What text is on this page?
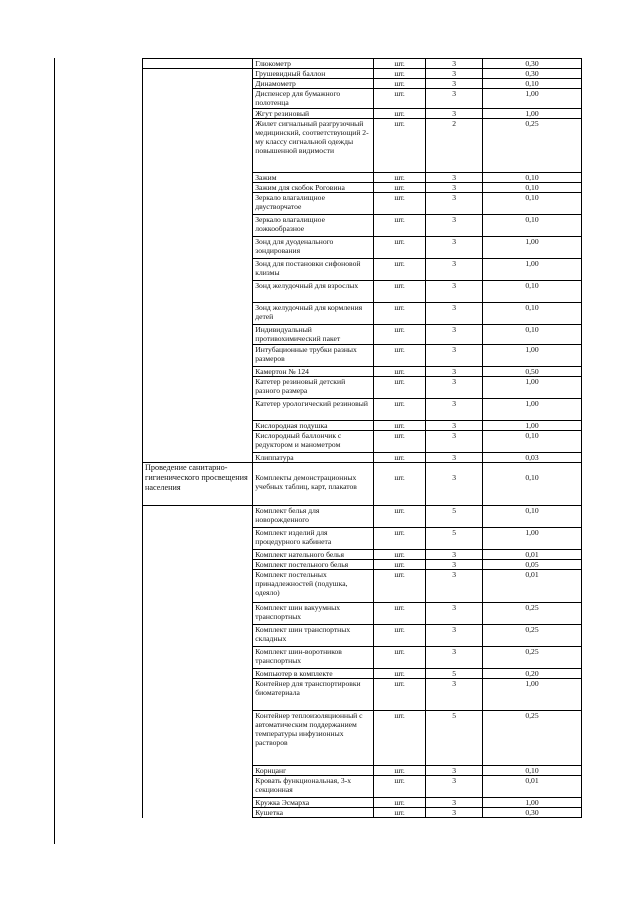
	Глюкометр	шт.	3	0,30
	Грушевидный баллон	шт.	3	0,30
	Динамометр	шт.	3	0,10
	Диспенсер для бумажного полотенца	шт.	3	1,00
	Жгут резиновый	шт.	3	1,00
	Жилет сигнальный разгрузочный медицинский, соответствующий 2-му классу сигнальной одежды повышенной видимости	шт.	2	0,25
	Зажим	шт.	3	0,10
	Зажим для скобок Роговина	шт.	3	0,10
	Зеркало влагалищное двустворчатое	шт.	3	0,10
	Зеркало влагалищное ложкообразное	шт.	3	0,10
	Зонд для дуоденального зондирования	шт.	3	1,00
	Зонд для постановки сифоновой клизмы	шт.	3	1,00
	Зонд желудочный для взрослых	шт.	3	0,10
	Зонд желудочный для кормления детей	шт.	3	0,10
	Индивидуальный противохимический пакет	шт.	3	0,10
	Интубационные трубки разных размеров	шт.	3	1,00
	Камертон № 124	шт.	3	0,50
	Катетер резиновый детский разного размера	шт.	3	1,00
	Катетер урологический резиновый	шт.	3	1,00
	Кислородная подушка	шт.	3	1,00
	Кислородный баллончик с редуктором и манометром	шт.	3	0,10
	Клиппатура	шт.	3	0,03
Проведение санитарно-гигиенического просвещения населения	Комплекты демонстрационных учебных таблиц, карт, плакатов	шт.	3	0,10
	Комплект белья для новорожденного	шт.	5	0,10
	Комплект изделий для процедурного кабинета	шт.	5	1,00
	Комплект нательного белья	шт.	3	0,01
	Комплект постельного белья	шт.	3	0,05
	Комплект постельных принадлежностей (подушка, одеяло)	шт.	3	0,01
	Комплект шин вакуумных транспортных	шт.	3	0,25
	Комплект шин транспортных складных	шт.	3	0,25
	Комплект шин-воротников транспортных	шт.	3	0,25
	Компьютер в комплекте	шт.	5	0,20
	Контейнер для транспортировки биоматериала	шт.	3	1,00
	Контейнер теплоизоляционный с автоматическим поддержанием температуры инфузионных растворов	шт.	5	0,25
	Корнцанг	шт.	3	0,10
	Кровать функциональная, 3-х секционная	шт.	3	0,01
	Кружка Эсмарха	шт.	3	1,00
	Кушетка	шт.	3	0,30
